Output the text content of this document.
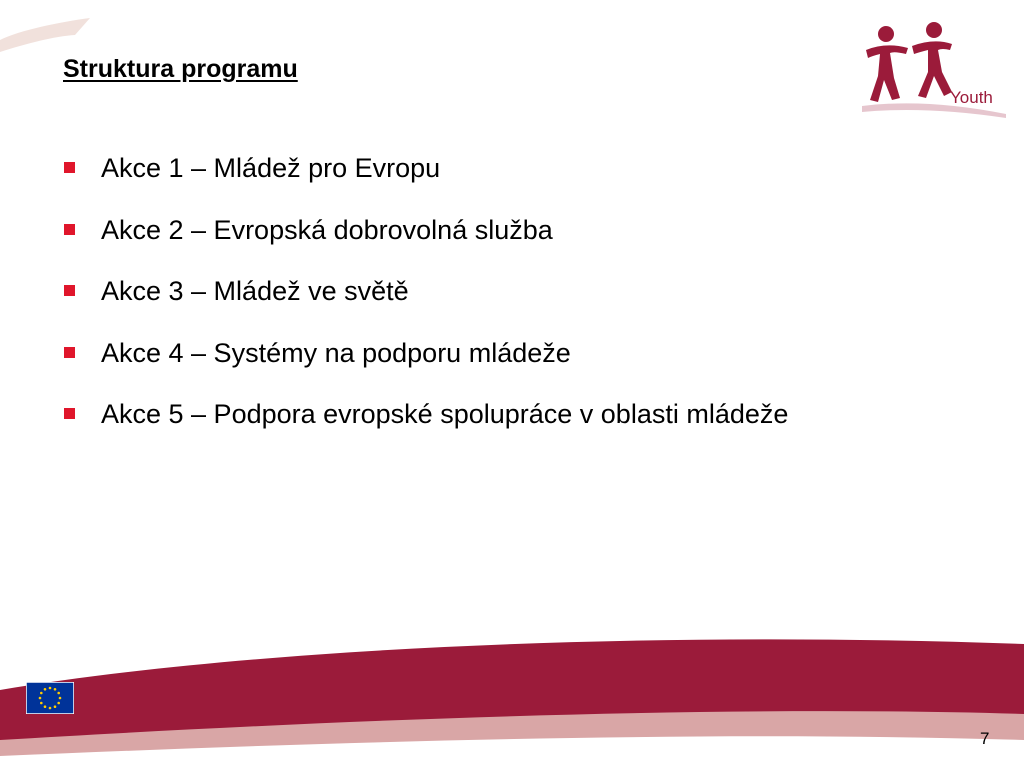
Youth
Struktura programu
Akce 1 – Mládež pro Evropu
Akce 2 – Evropská dobrovolná služba
Akce 3 – Mládež ve světě
Akce 4 – Systémy na podporu mládeže
Akce 5 – Podpora evropské spolupráce v oblasti mládeže
7
